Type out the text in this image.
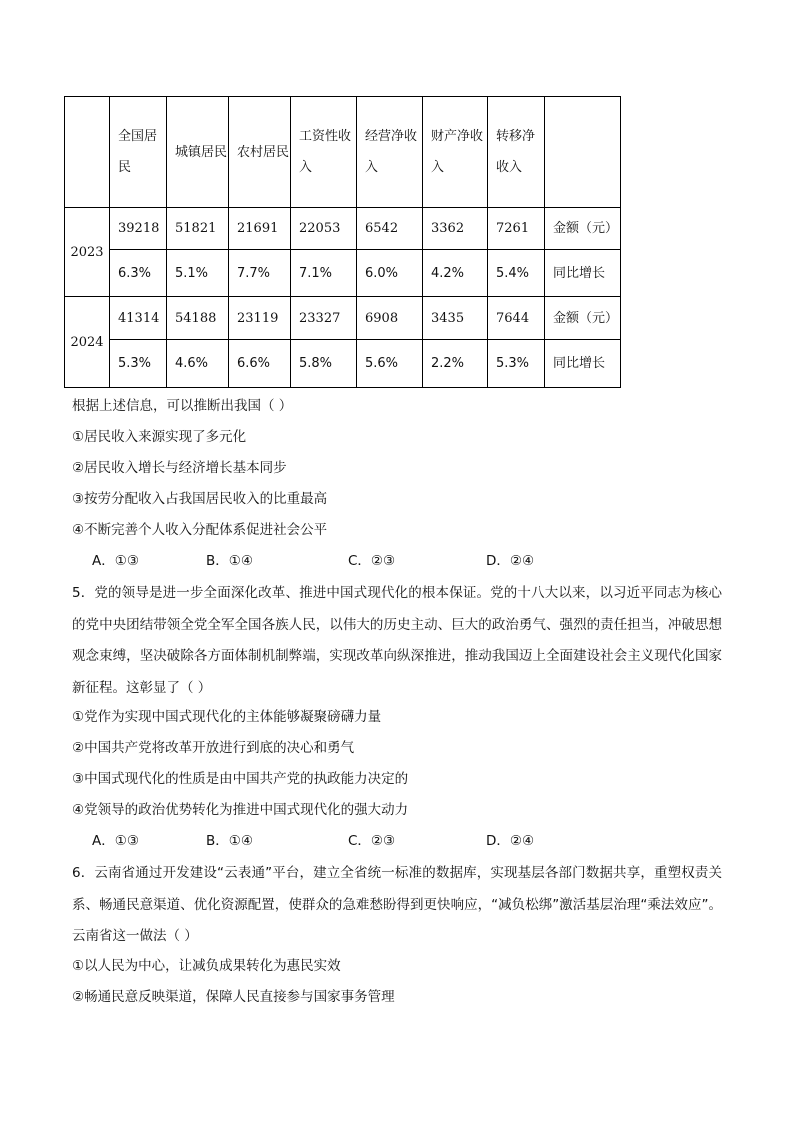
	全国居民	城镇居民	农村居民	工资性收入	经营净收入	财产净收入	转移净收入	
2023	39218	51821	21691	22053	6542	3362	7261	金额（元）
	6.3%	5.1%	7.7%	7.1%	6.0%	4.2%	5.4%	同比增长
2024	41314	54188	23119	23327	6908	3435	7644	金额（元）
	5.3%	4.6%	6.6%	5.8%	5.6%	2.2%	5.3%	同比增长
根据上述信息，可以推断出我国（ ）
①居民收入来源实现了多元化
②居民收入增长与经济增长基本同步
③按劳分配收入占我国居民收入的比重最高
④不断完善个人收入分配体系促进社会公平
A．①③	B．①④	C．②③	D．②④
5．党的领导是进一步全面深化改革、推进中国式现代化的根本保证。党的十八大以来，以习近平同志为核心的党中央团结带领全党全军全国各族人民，以伟大的历史主动、巨大的政治勇气、强烈的责任担当，冲破思想观念束缚，坚决破除各方面体制机制弊端，实现改革向纵深推进，推动我国迈上全面建设社会主义现代化国家新征程。这彰显了（ ）
①党作为实现中国式现代化的主体能够凝聚磅礴力量
②中国共产党将改革开放进行到底的决心和勇气
③中国式现代化的性质是由中国共产党的执政能力决定的
④党领导的政治优势转化为推进中国式现代化的强大动力
A．①③	B．①④	C．②③	D．②④
6．云南省通过开发建设“云表通”平台，建立全省统一标准的数据库，实现基层各部门数据共享，重塑权责关系、畅通民意渠道、优化资源配置，使群众的急难愁盼得到更快响应，“减负松绑”激活基层治理“乘法效应”。云南省这一做法（ ）
①以人民为中心，让减负成果转化为惠民实效
②畅通民意反映渠道，保障人民直接参与国家事务管理
